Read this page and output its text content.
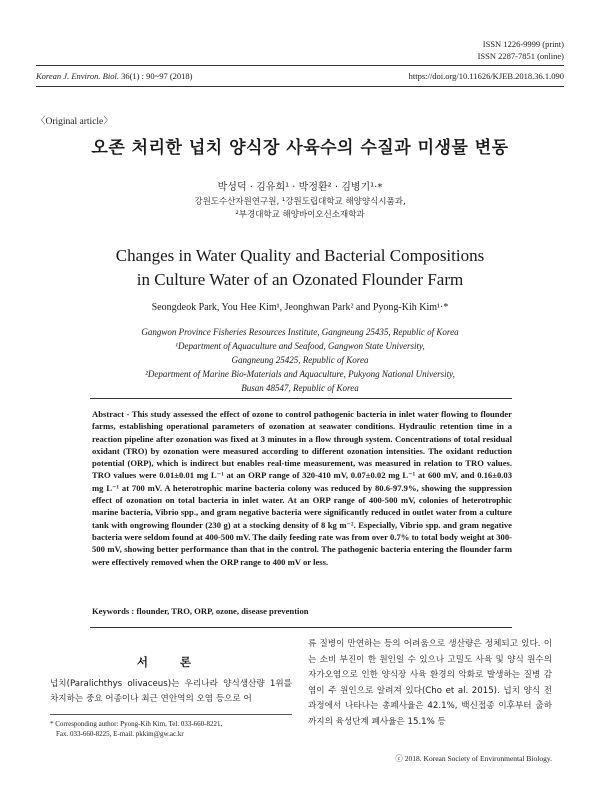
ISSN 1226-9999 (print)
ISSN 2287-7851 (online)
Korean J. Environ. Biol. 36(1) : 90~97 (2018)	https://doi.org/10.11626/KJEB.2018.36.1.090
〈Original article〉
오존 처리한 넙치 양식장 사육수의 수질과 미생물 변동
박성덕 · 김유희¹ · 박정환² · 김병기¹·*
강원도수산자원연구원, ¹강원도립대학교 해양양식시품과,
²부경대학교 해양바이오신소재학과
Changes in Water Quality and Bacterial Compositions
in Culture Water of an Ozonated Flounder Farm
Seongdeok Park, You Hee Kim¹, Jeonghwan Park² and Pyong-Kih Kim¹·*
Gangwon Province Fisheries Resources Institute, Gangneung 25435, Republic of Korea
¹Department of Aquaculture and Seafood, Gangwon State University,
Gangneung 25425, Republic of Korea
²Department of Marine Bio-Materials and Aquaculture, Pukyong National University,
Busan 48547, Republic of Korea
Abstract - This study assessed the effect of ozone to control pathogenic bacteria in inlet water flowing to flounder farms, establishing operational parameters of ozonation at seawater conditions. Hydraulic retention time in a reaction pipeline after ozonation was fixed at 3 minutes in a flow through system. Concentrations of total residual oxidant (TRO) by ozonation were measured according to different ozonation intensities. The oxidant reduction potential (ORP), which is indirect but enables real-time measurement, was measured in relation to TRO values. TRO values were 0.01±0.01 mg L⁻¹ at an ORP range of 320-410 mV, 0.07±0.02 mg L⁻¹ at 600 mV, and 0.16±0.03 mg L⁻¹ at 700 mV. A heterotrophic marine bacteria colony was reduced by 80.6-97.9%, showing the suppression effect of ozonation on total bacteria in inlet water. At an ORP range of 400-500 mV, colonies of heterotrophic marine bacteria, Vibrio spp., and gram negative bacteria were significantly reduced in outlet water from a culture tank with ongrowing flounder (230 g) at a stocking density of 8 kg m⁻². Especially, Vibrio spp. and gram negative bacteria were seldom found at 400-500 mV. The daily feeding rate was from over 0.7% to total body weight at 300-500 mV, showing better performance than that in the control. The pathogenic bacteria entering the flounder farm were effectively removed when the ORP range to 400 mV or less.
Keywords : flounder, TRO, ORP, ozone, disease prevention
서 론
넙치(Paralichthys olivaceus)는 우리나라 양식생산량 1위를 차지하는 중요 어종이나 최근 연안역의 오염 등으로 어
류 질병이 만연하는 등의 어려움으로 생산량은 정체되고 있다. 이는 소비 부진이 한 원인일 수 있으나 고밀도 사육 및 양식 원수의 자가오염으로 인한 양식장 사육 환경의 악화로 발생하는 질병 감염이 주 원인으로 알려져 있다(Cho et al. 2015). 넙치 양식 전 과정에서 나타나는 총폐사율은 42.1%, 백신접종 이후부터 출하까지의 육성단계 폐사율은 15.1% 등
* Corresponding author: Pyong-Kih Kim, Tel. 033-660-8221,
Fax. 033-660-8225, E-mail. pkkim@gw.ac.kr
ⓒ 2018. Korean Society of Environmental Biology.
